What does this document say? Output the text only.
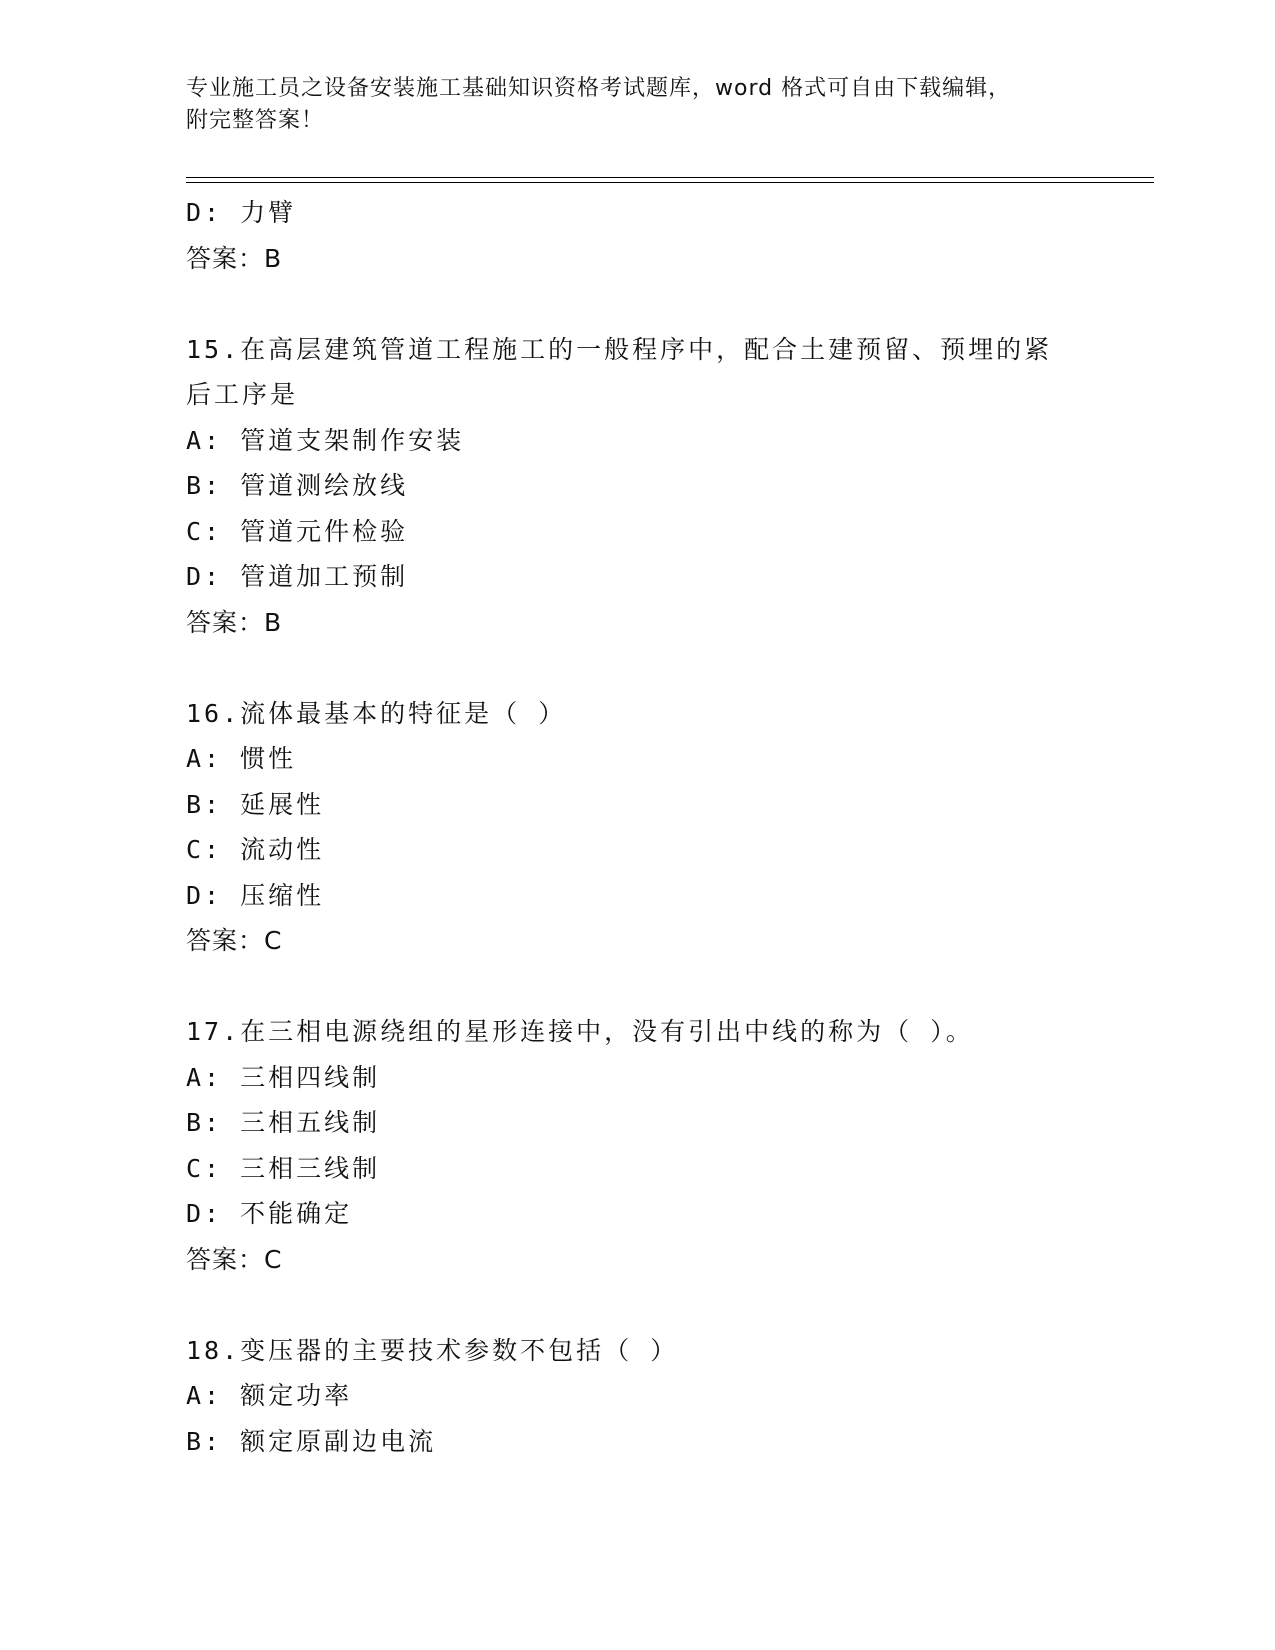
专业施工员之设备安装施工基础知识资格考试题库，word 格式可自由下载编辑，
附完整答案！
D: 力臂
答案：B
15.在高层建筑管道工程施工的一般程序中，配合土建预留、预埋的紧
后工序是
A: 管道支架制作安装
B: 管道测绘放线
C: 管道元件检验
D: 管道加工预制
答案：B
16.流体最基本的特征是（ ）
A: 惯性
B: 延展性
C: 流动性
D: 压缩性
答案：C
17.在三相电源绕组的星形连接中，没有引出中线的称为（ ）。
A: 三相四线制
B: 三相五线制
C: 三相三线制
D: 不能确定
答案：C
18.变压器的主要技术参数不包括（ ）
A: 额定功率
B: 额定原副边电流
